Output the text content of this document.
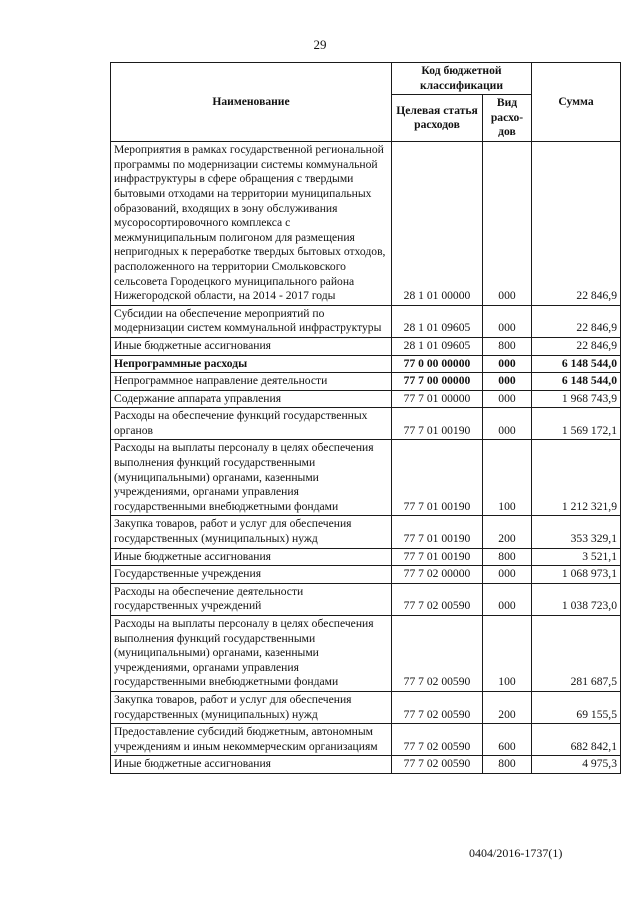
29
Наименование	Код бюджетной классификации		Сумма
	Целевая статья расходов	Вид расхо- дов	
Мероприятия в рамках государственной региональной программы по модернизации системы коммунальной инфраструктуры в сфере обращения с твердыми бытовыми отходами на территории муниципальных образований, входящих в зону обслуживания мусоросортировочного комплекса с межмуниципальным полигоном для размещения непригодных к переработке твердых бытовых отходов, расположенного на территории Смольковского сельсовета Городецкого муниципального района Нижегородской области, на 2014 - 2017 годы	28 1 01 00000	000	22 846,9
Субсидии на обеспечение мероприятий по модернизации систем коммунальной инфраструктуры	28 1 01 09605	000	22 846,9
Иные бюджетные ассигнования	28 1 01 09605	800	22 846,9
Непрограммные расходы	77 0 00 00000	000	6 148 544,0
Непрограммное направление деятельности	77 7 00 00000	000	6 148 544,0
Содержание аппарата управления	77 7 01 00000	000	1 968 743,9
Расходы на обеспечение функций государственных органов	77 7 01 00190	000	1 569 172,1
Расходы на выплаты персоналу в целях обеспечения выполнения функций государственными (муниципальными) органами, казенными учреждениями, органами управления государственными внебюджетными фондами	77 7 01 00190	100	1 212 321,9
Закупка товаров, работ и услуг для обеспечения государственных (муниципальных) нужд	77 7 01 00190	200	353 329,1
Иные бюджетные ассигнования	77 7 01 00190	800	3 521,1
Государственные учреждения	77 7 02 00000	000	1 068 973,1
Расходы на обеспечение деятельности государственных учреждений	77 7 02 00590	000	1 038 723,0
Расходы на выплаты персоналу в целях обеспечения выполнения функций государственными (муниципальными) органами, казенными учреждениями, органами управления государственными внебюджетными фондами	77 7 02 00590	100	281 687,5
Закупка товаров, работ и услуг для обеспечения государственных (муниципальных) нужд	77 7 02 00590	200	69 155,5
Предоставление субсидий бюджетным, автономным учреждениям и иным некоммерческим организациям	77 7 02 00590	600	682 842,1
Иные бюджетные ассигнования	77 7 02 00590	800	4 975,3
0404/2016-1737(1)
